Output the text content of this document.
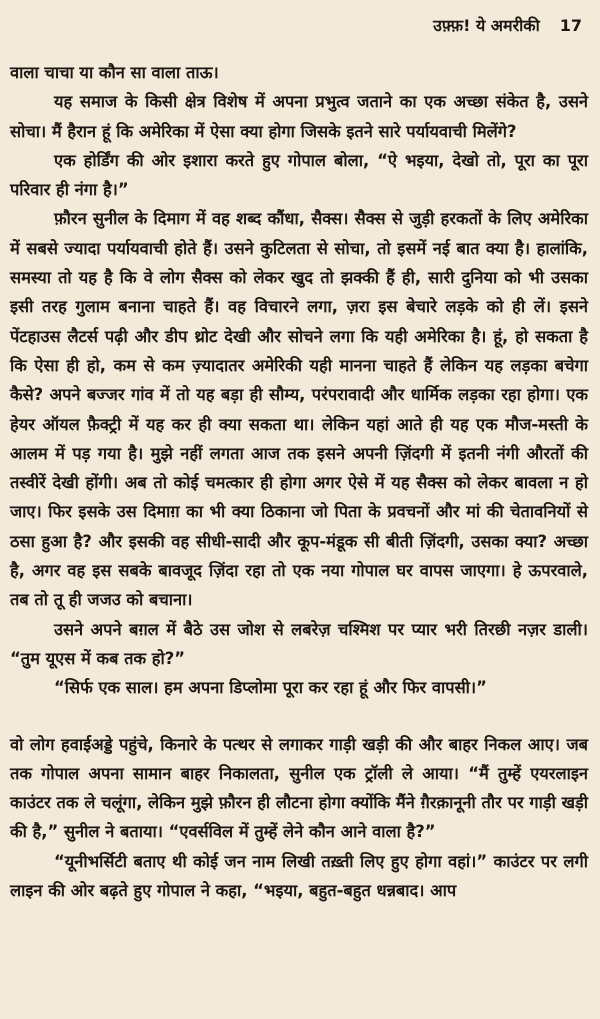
उफ़्फ़! ये अमरीकी 17

वाला चाचा या कौन सा वाला ताऊ।

यह समाज के किसी क्षेत्र विशेष में अपना प्रभुत्व जताने का एक अच्छा संकेत है, उसने सोचा। मैं हैरान हूं कि अमेरिका में ऐसा क्या होगा जिसके इतने सारे पर्यायवाची मिलेंगे?

एक होर्डिंग की ओर इशारा करते हुए गोपाल बोला, “ऐ भइया, देखो तो, पूरा का पूरा परिवार ही नंगा है।”

फ़ौरन सुनील के दिमाग में वह शब्द कौंधा, सैक्स। सैक्स से जुड़ी हरकतों के लिए अमेरिका में सबसे ज्यादा पर्यायवाची होते हैं। उसने कुटिलता से सोचा, तो इसमें नई बात क्या है। हालांकि, समस्या तो यह है कि वे लोग सैक्स को लेकर खुद तो झक्की हैं ही, सारी दुनिया को भी उसका इसी तरह गुलाम बनाना चाहते हैं। वह विचारने लगा, ज़रा इस बेचारे लड़के को ही लें। इसने पेंटहाउस लैटर्स पढ़ी और डीप थ्रोट देखी और सोचने लगा कि यही अमेरिका है। हूं, हो सकता है कि ऐसा ही हो, कम से कम ज़्यादातर अमेरिकी यही मानना चाहते हैं लेकिन यह लड़का बचेगा कैसे? अपने बज्जर गांव में तो यह बड़ा ही सौम्य, परंपरावादी और धार्मिक लड़का रहा होगा। एक हेयर ऑयल फ़ैक्ट्री में यह कर ही क्या सकता था। लेकिन यहां आते ही यह एक मौज-मस्ती के आलम में पड़ गया है। मुझे नहीं लगता आज तक इसने अपनी ज़िंदगी में इतनी नंगी औरतों की तस्वीरें देखी होंगी। अब तो कोई चमत्कार ही होगा अगर ऐसे में यह सैक्स को लेकर बावला न हो जाए। फिर इसके उस दिमाग़ का भी क्या ठिकाना जो पिता के प्रवचनों और मां की चेतावनियों से ठसा हुआ है? और इसकी वह सीधी-सादी और कूप-मंडूक सी बीती ज़िंदगी, उसका क्या? अच्छा है, अगर वह इस सबके बावजूद ज़िंदा रहा तो एक नया गोपाल घर वापस जाएगा। हे ऊपरवाले, तब तो तू ही जजउ को बचाना।

उसने अपने बग़ल में बैठे उस जोश से लबरेज़ चश्मिश पर प्यार भरी तिरछी नज़र डाली। “तुम यूएस में कब तक हो?”

“सिर्फ एक साल। हम अपना डिप्लोमा पूरा कर रहा हूं और फिर वापसी।”

वो लोग हवाईअड्डे पहुंचे, किनारे के पत्थर से लगाकर गाड़ी खड़ी की और बाहर निकल आए। जब तक गोपाल अपना सामान बाहर निकालता, सुनील एक ट्रॉली ले आया। “मैं तुम्हें एयरलाइन काउंटर तक ले चलूंगा, लेकिन मुझे फ़ौरन ही लौटना होगा क्योंकि मैंने ग़ैरक़ानूनी तौर पर गाड़ी खड़ी की है,” सुनील ने बताया। “एवर्सविल में तुम्हें लेने कौन आने वाला है?”

“यूनीभर्सिटी बताए थी कोई जन नाम लिखी तख़्ती लिए हुए होगा वहां।” काउंटर पर लगी लाइन की ओर बढ़ते हुए गोपाल ने कहा, “भइया, बहुत-बहुत धन्नबाद। आप
